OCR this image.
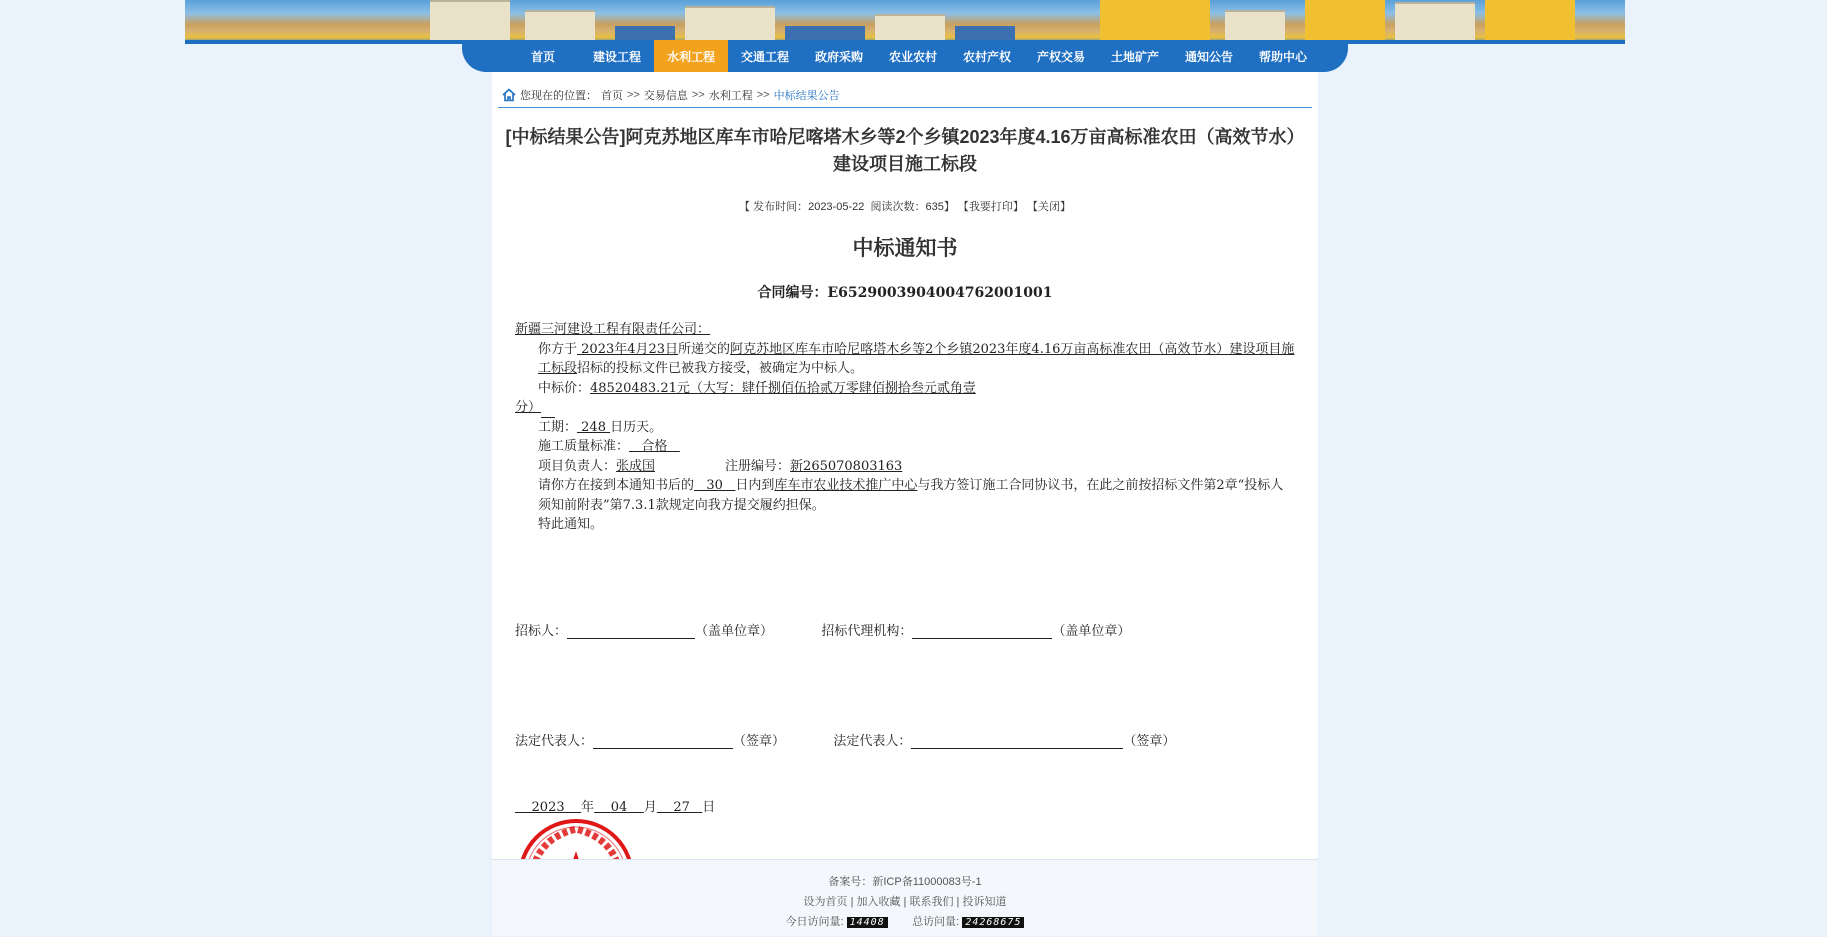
首页	建设工程	水利工程	交通工程	政府采购	农业农村	农村产权	产权交易	土地矿产	通知公告	帮助中心
您现在的位置： 首页 >> 交易信息 >> 水利工程 >> 中标结果公告
[中标结果公告]阿克苏地区库车市哈尼喀塔木乡等2个乡镇2023年度4.16万亩高标准农田（高效节水）
建设项目施工标段
【 发布时间：2023-05-22 阅读次数：635】 【我要打印】 【关闭】
中标通知书
合同编号：E6529003904004762001001

新疆三河建设工程有限责任公司：

你方于 2023年4月23日所递交的阿克苏地区库车市哈尼喀塔木乡等2个乡镇2023年度4.16万亩高标准农田（高效节水）建设项目施工标段招标的投标文件已被我方接受，被确定为中标人。

中标价：48520483.21元（大写：肆仟捌佰伍拾贰万零肆佰捌拾叁元贰角壹

分）

工期： 248 日历天。

施工质量标准：   合格

项目负责人：张成国	注册编号：新265070803163

请你方在接到本通知书后的   30   日内到库车市农业技术推广中心与我方签订施工合同协议书，在此之前按招标文件第2章“投标人须知前附表”第7.3.1款规定向我方提交履约担保。

特此通知。

招标人：	（盖单位章）	招标代理机构：	（盖单位章）
法定代表人：	（签章）	法定代表人：	（签章）
2023 年 04 月 27 日
备案号：新ICP备11000083号-1
设为首页 | 加入收藏 | 联系我们 | 投诉知道
今日访问量: 14408 总访问量: 24268675
